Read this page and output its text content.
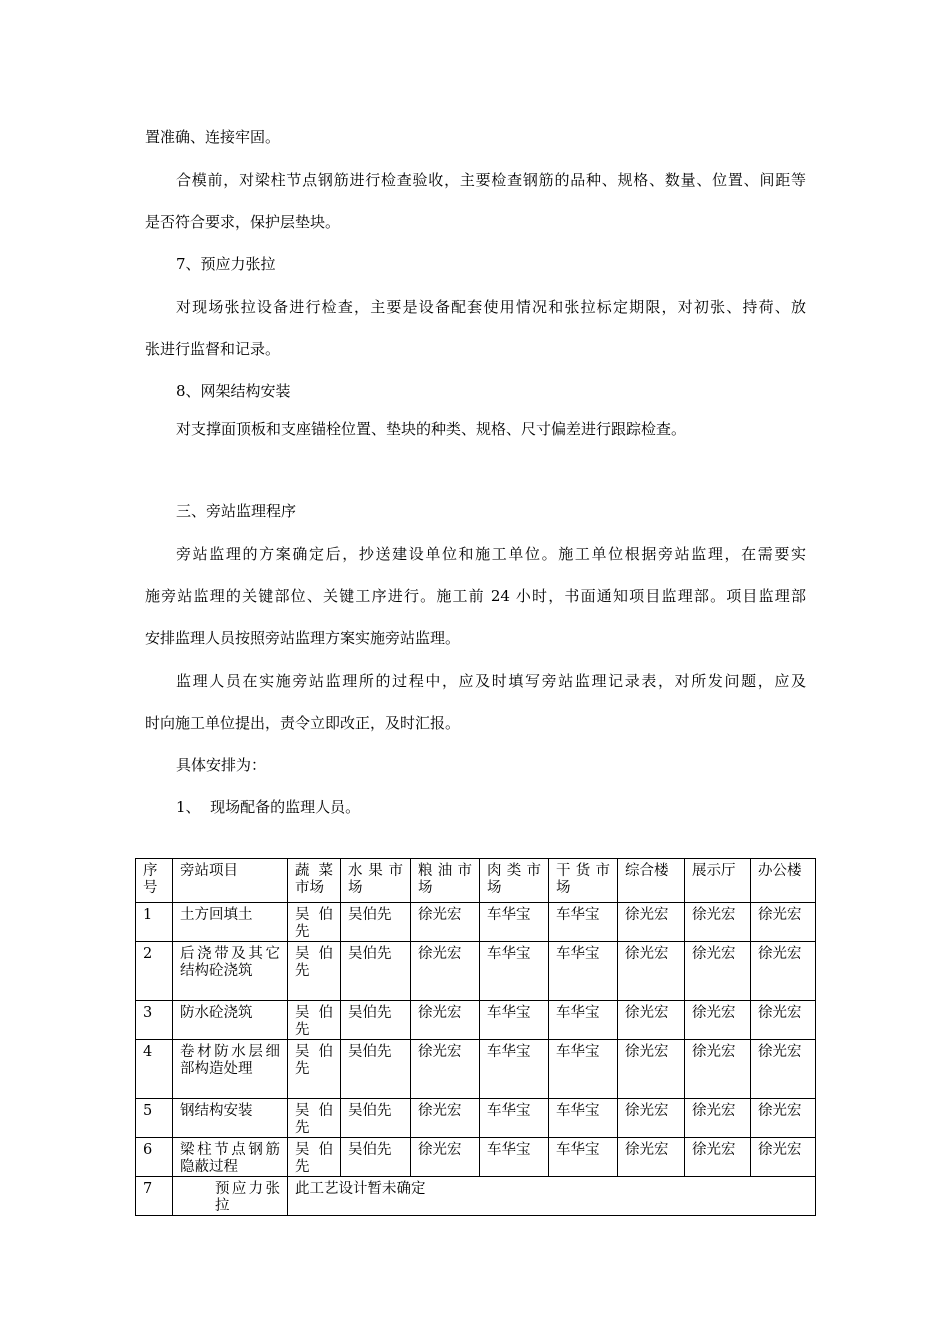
置准确、连接牢固。

合模前，对梁柱节点钢筋进行检查验收，主要检查钢筋的品种、规格、数量、位置、间距等

是否符合要求，保护层垫块。

7、预应力张拉

对现场张拉设备进行检查，主要是设备配套使用情况和张拉标定期限，对初张、持荷、放

张进行监督和记录。

8、网架结构安装

对支撑面顶板和支座锚栓位置、垫块的种类、规格、尺寸偏差进行跟踪检查。

三、旁站监理程序

旁站监理的方案确定后，抄送建设单位和施工单位。施工单位根据旁站监理，在需要实

施旁站监理的关键部位、关键工序进行。施工前 24 小时，书面通知项目监理部。项目监理部

安排监理人员按照旁站监理方案实施旁站监理。

监理人员在实施旁站监理所的过程中，应及时填写旁站监理记录表，对所发问题，应及

时向施工单位提出，责令立即改正，及时汇报。

具体安排为：

1、  现场配备的监理人员。

序号	旁站项目	蔬菜市场	水果市场	粮油市场	肉类市场	干货市场	综合楼	展示厅	办公楼
1	土方回填土	吴伯先	吴伯先	徐光宏	车华宝	车华宝	徐光宏	徐光宏	徐光宏
2	后浇带及其它结构砼浇筑	吴伯先	吴伯先	徐光宏	车华宝	车华宝	徐光宏	徐光宏	徐光宏
3	防水砼浇筑	吴伯先	吴伯先	徐光宏	车华宝	车华宝	徐光宏	徐光宏	徐光宏
4	卷材防水层细部构造处理	吴伯先	吴伯先	徐光宏	车华宝	车华宝	徐光宏	徐光宏	徐光宏
5	钢结构安装	吴伯先	吴伯先	徐光宏	车华宝	车华宝	徐光宏	徐光宏	徐光宏
6	梁柱节点钢筋隐蔽过程	吴伯先	吴伯先	徐光宏	车华宝	车华宝	徐光宏	徐光宏	徐光宏
7	预应力张拉	此工艺设计暂未确定							
